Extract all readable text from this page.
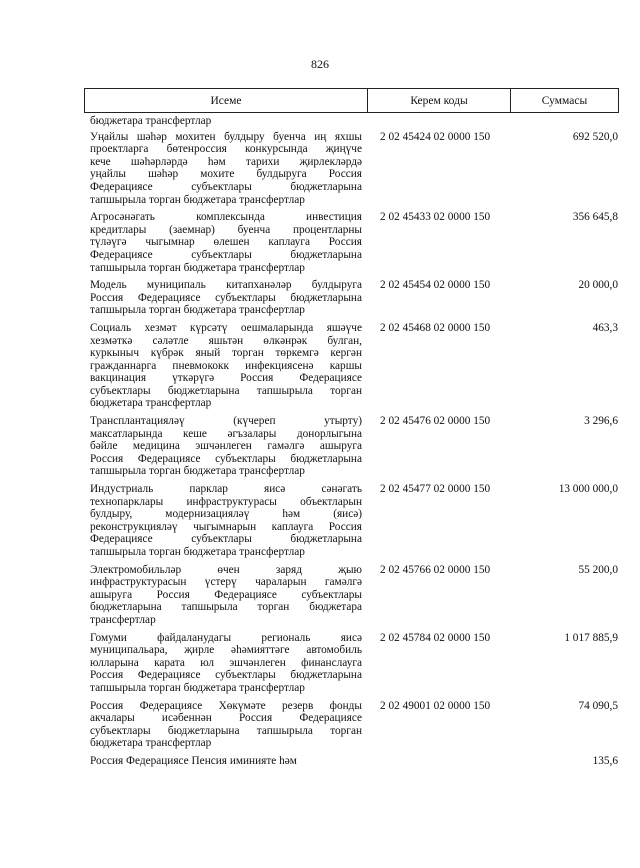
826
Исеме	Керем коды	Суммасы
бюджетара трансфертлар
Уңайлы шәһәр мохитен булдыру буенча иң яхшы
проектларга бөтенроссия конкурсында җиңүче
кече шәһәрләрдә һәм тарихи җирлекләрдә
уңайлы шәһәр мохите булдыруга Россия
Федерациясе субъектлары бюджетларына
тапшырыла торган бюджетара трансфертлар
2 02 45424 02 0000 150	692 520,0
Агросәнәгать комплексында инвестиция
кредитлары (заемнар) буенча процентларны
түләүгә чыгымнар өлешен каплауга Россия
Федерациясе субъектлары бюджетларына
тапшырыла торган бюджетара трансфертлар
2 02 45433 02 0000 150	356 645,8
Модель муниципаль китапханәләр булдыруга
Россия Федерациясе субъектлары бюджетларына
тапшырыла торган бюджетара трансфертлар
2 02 45454 02 0000 150	20 000,0
Социаль хезмәт күрсәтү оешмаларында яшәүче
хезмәткә сәләтле яшьтән өлкәнрәк булган,
куркыныч күбрәк яный торган төркемгә кергән
гражданнарга пневмококк инфекциясенә каршы
вакцинация үткәрүгә Россия Федерациясе
субъектлары бюджетларына тапшырыла торган
бюджетара трансфертлар
2 02 45468 02 0000 150	463,3
Трансплантацияләү (күчереп утырту)
максатларында кеше әгъзалары донорлыгына
бәйле медицина эшчәнлеген гамәлгә ашыруга
Россия Федерациясе субъектлары бюджетларына
тапшырыла торган бюджетара трансфертлар
2 02 45476 02 0000 150	3 296,6
Индустриаль парклар яисә сәнәгать
технопарклары инфраструктурасы объектларын
булдыру, модернизацияләү һәм (яисә)
реконструкцияләү чыгымнарын каплауга Россия
Федерациясе субъектлары бюджетларына
тапшырыла торган бюджетара трансфертлар
2 02 45477 02 0000 150	13 000 000,0
Электромобильләр өчен заряд җыю
инфраструктурасын үстерү чараларын гамәлгә
ашыруга Россия Федерациясе субъектлары
бюджетларына тапшырыла торган бюджетара
трансфертлар
2 02 45766 02 0000 150	55 200,0
Гомуми файдаланудагы региональ яисә
муниципальара, җирле әһәмияттәге автомобиль
юлларына карата юл эшчәнлеген финанслауга
Россия Федерациясе субъектлары бюджетларына
тапшырыла торган бюджетара трансфертлар
2 02 45784 02 0000 150	1 017 885,9
Россия Федерациясе Хөкүмәте резерв фонды
акчалары исәбеннән Россия Федерациясе
субъектлары бюджетларына тапшырыла торган
бюджетара трансфертлар
2 02 49001 02 0000 150	74 090,5
Россия Федерациясе Пенсия иминияте һәм	135,6
